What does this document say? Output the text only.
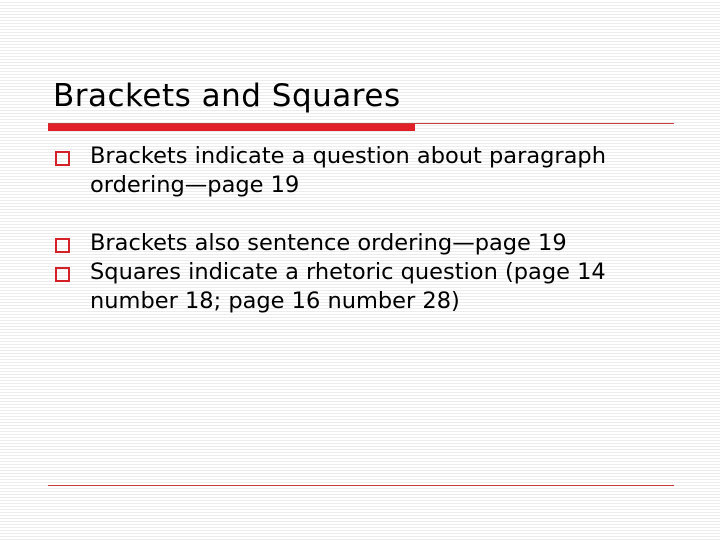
Brackets and Squares
Brackets indicate a question about paragraph ordering—page 19
Brackets also sentence ordering—page 19
Squares indicate a rhetoric question (page 14 number 18; page 16 number 28)
